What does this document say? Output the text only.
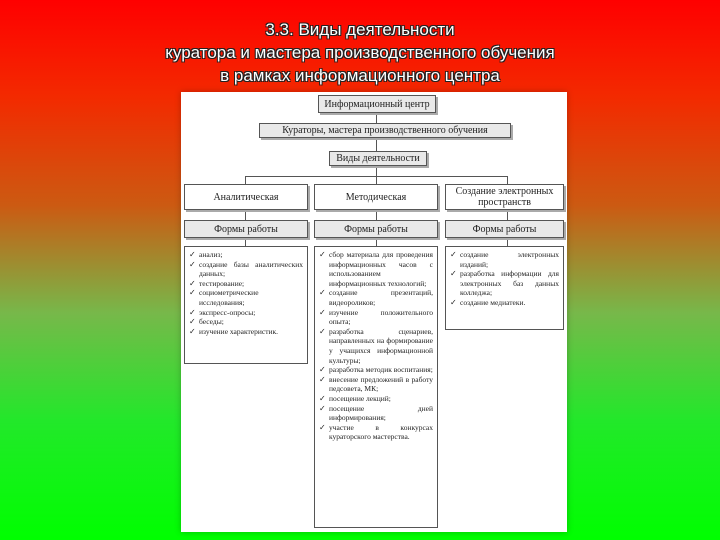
3.3. Виды деятельности
куратора и мастера производственного обучения
в рамках информационного центра
Информационный центр
Кураторы, мастера производственного обучения
Виды деятельности
Аналитическая	Методическая	Создание электронных пространств
Формы работы	Формы работы	Формы работы
✓ анализ;
✓ создание базы аналитических данных;
✓ тестирование;
✓ социометрические исследования;
✓ экспресс-опросы;
✓ беседы;
✓ изучение характеристик.
✓ сбор материала для проведения информационных часов с использованием информационных технологий;
✓ создание презентаций, видеороликов;
✓ изучение положительного опыта;
✓ разработка сценариев, направленных на формирование у учащихся информационной культуры;
✓ разработка методик воспитания;
✓ внесение предложений в работу педсовета, МК;
✓ посещение лекций;
✓ посещение дней информирования;
✓ участие в конкурсах кураторского мастерства.
✓ создание электронных изданий;
✓ разработка информации для электронных баз данных колледжа;
✓ создание медиатеки.
